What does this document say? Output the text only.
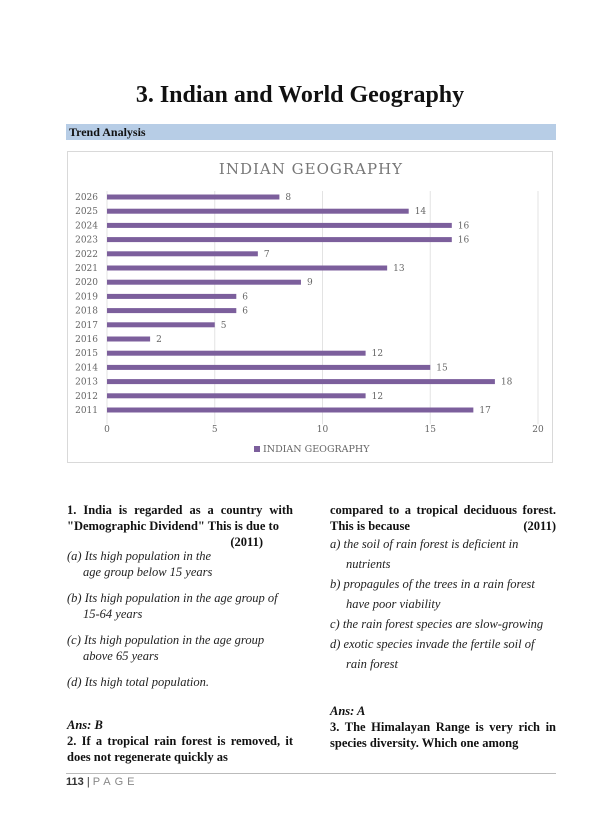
3. Indian and World Geography
Trend Analysis
INDIAN GEOGRAPHY
0	5	10	15	20
2026	8
2025	14
2024	16
2023	16
2022	7
2021	13
2020	9
2019	6
2018	6
2017	5
2016	2
2015	12
2014	15
2013	18
2012	12
2011	17
INDIAN GEOGRAPHY
1. India is regarded as a country with "Demographic Dividend" This is due to
(2011)
(a) Its high population in the age group below 15 years
(b) Its high population in the age group of 15-64 years
(c) Its high population in the age group above 65 years
(d) Its high total population.
Ans: B
2. If a tropical rain forest is removed, it does not regenerate quickly as
compared to a tropical deciduous forest. This is because	(2011)
a) the soil of rain forest is deficient in nutrients
b) propagules of the trees in a rain forest have poor viability
c) the rain forest species are slow-growing
d) exotic species invade the fertile soil of rain forest
Ans: A
3. The Himalayan Range is very rich in species diversity. Which one among
113 | PAGE
